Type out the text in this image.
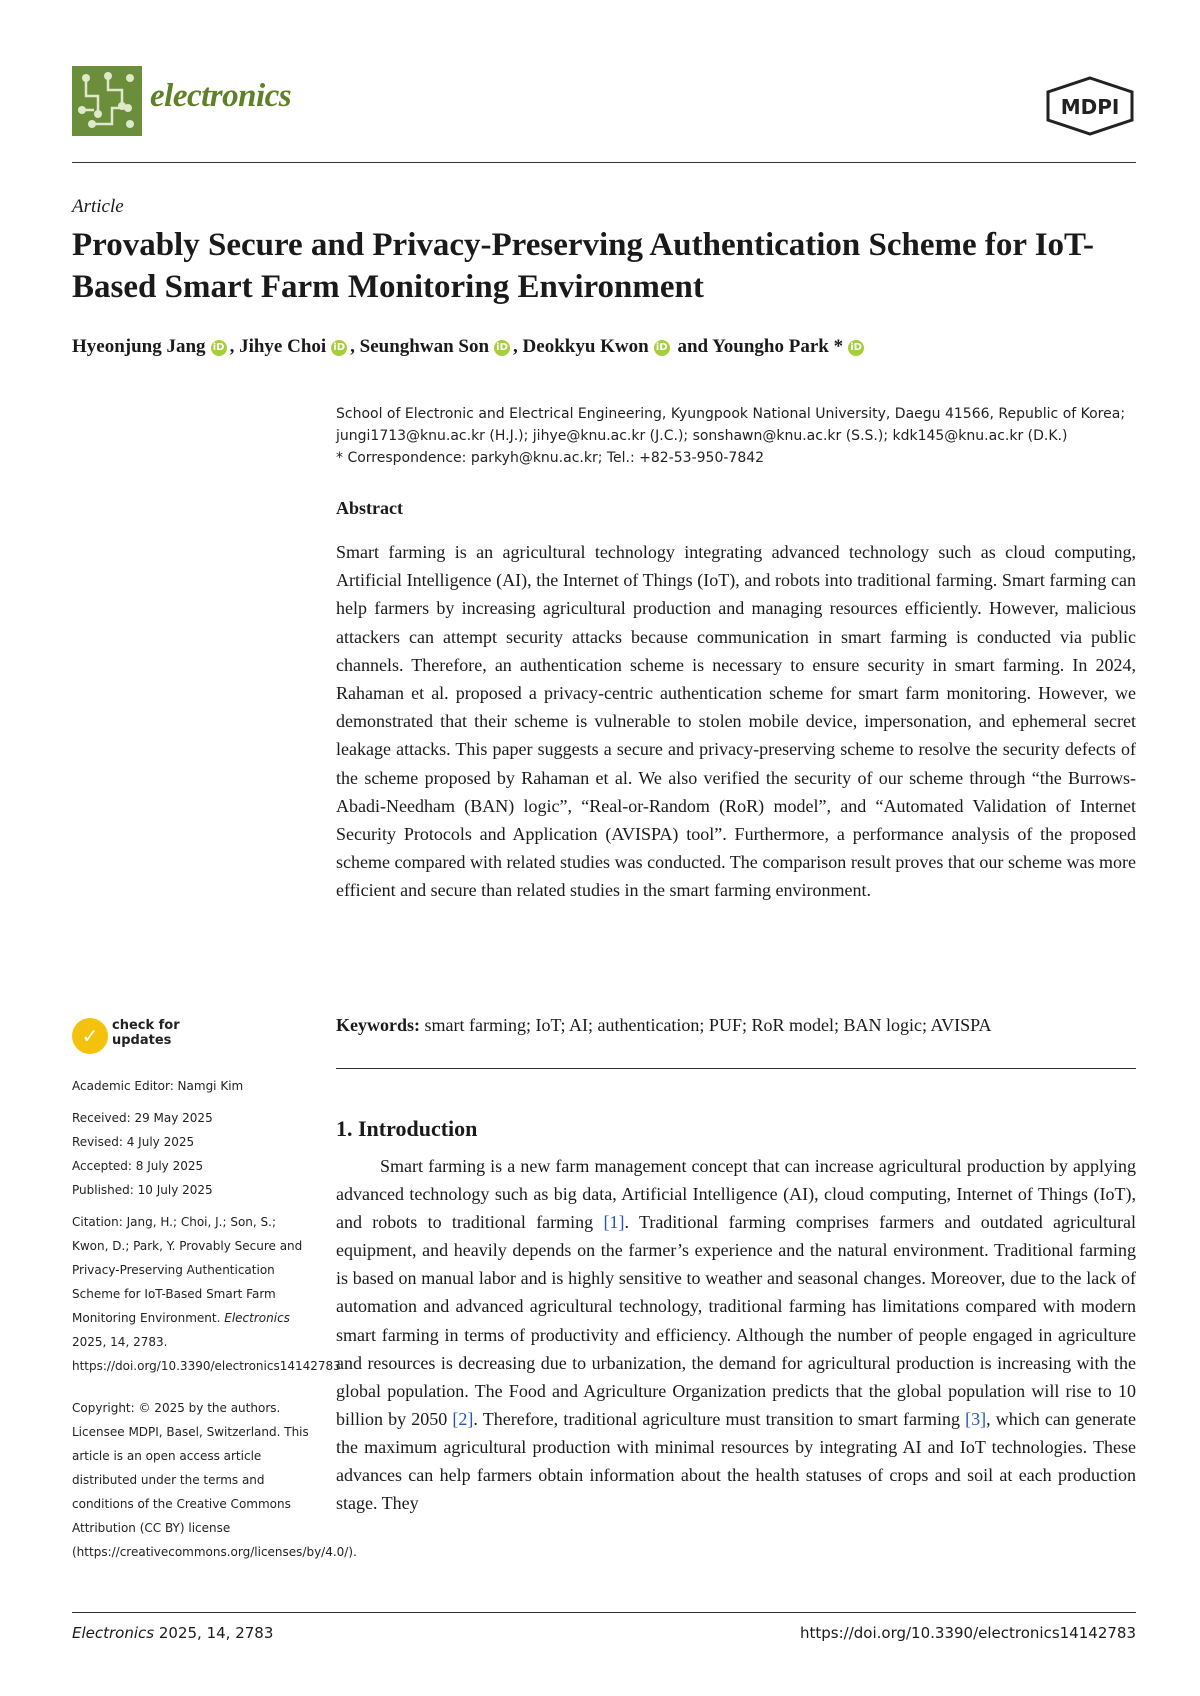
electronics	MDPI
Article
Provably Secure and Privacy-Preserving Authentication Scheme for IoT-Based Smart Farm Monitoring Environment
Hyeonjung Jang iD , Jihye Choi iD , Seunghwan Son iD , Deokkyu Kwon iD and Youngho Park * iD
School of Electronic and Electrical Engineering, Kyungpook National University, Daegu 41566, Republic of Korea;
jungi1713@knu.ac.kr (H.J.); jihye@knu.ac.kr (J.C.); sonshawn@knu.ac.kr (S.S.); kdk145@knu.ac.kr (D.K.)
* Correspondence: parkyh@knu.ac.kr; Tel.: +82-53-950-7842
Abstract
Smart farming is an agricultural technology integrating advanced technology such as cloud computing, Artificial Intelligence (AI), the Internet of Things (IoT), and robots into traditional farming. Smart farming can help farmers by increasing agricultural production and managing resources efficiently. However, malicious attackers can attempt security attacks because communication in smart farming is conducted via public channels. Therefore, an authentication scheme is necessary to ensure security in smart farming. In 2024, Rahaman et al. proposed a privacy-centric authentication scheme for smart farm monitoring. However, we demonstrated that their scheme is vulnerable to stolen mobile device, impersonation, and ephemeral secret leakage attacks. This paper suggests a secure and privacy-preserving scheme to resolve the security defects of the scheme proposed by Rahaman et al. We also verified the security of our scheme through “the Burrows-Abadi-Needham (BAN) logic”, “Real-or-Random (RoR) model”, and “Automated Validation of Internet Security Protocols and Application (AVISPA) tool”. Furthermore, a performance analysis of the proposed scheme compared with related studies was conducted. The comparison result proves that our scheme was more efficient and secure than related studies in the smart farming environment.
Keywords: smart farming; IoT; AI; authentication; PUF; RoR model; BAN logic; AVISPA
1. Introduction
Smart farming is a new farm management concept that can increase agricultural production by applying advanced technology such as big data, Artificial Intelligence (AI), cloud computing, Internet of Things (IoT), and robots to traditional farming [1]. Traditional farming comprises farmers and outdated agricultural equipment, and heavily depends on the farmer’s experience and the natural environment. Traditional farming is based on manual labor and is highly sensitive to weather and seasonal changes. Moreover, due to the lack of automation and advanced agricultural technology, traditional farming has limitations compared with modern smart farming in terms of productivity and efficiency. Although the number of people engaged in agriculture and resources is decreasing due to urbanization, the demand for agricultural production is increasing with the global population. The Food and Agriculture Organization predicts that the global population will rise to 10 billion by 2050 [2]. Therefore, traditional agriculture must transition to smart farming [3], which can generate the maximum agricultural production with minimal resources by integrating AI and IoT technologies. These advances can help farmers obtain information about the health statuses of crops and soil at each production stage. They
✓	check for updates
Academic Editor: Namgi Kim
Received: 29 May 2025
Revised: 4 July 2025
Accepted: 8 July 2025
Published: 10 July 2025
Citation: Jang, H.; Choi, J.; Son, S.; Kwon, D.; Park, Y. Provably Secure and Privacy-Preserving Authentication Scheme for IoT-Based Smart Farm Monitoring Environment. Electronics 2025, 14, 2783. https://doi.org/10.3390/electronics14142783
Copyright: © 2025 by the authors. Licensee MDPI, Basel, Switzerland. This article is an open access article distributed under the terms and conditions of the Creative Commons Attribution (CC BY) license (https://creativecommons.org/licenses/by/4.0/).
Electronics 2025, 14, 2783	https://doi.org/10.3390/electronics14142783
